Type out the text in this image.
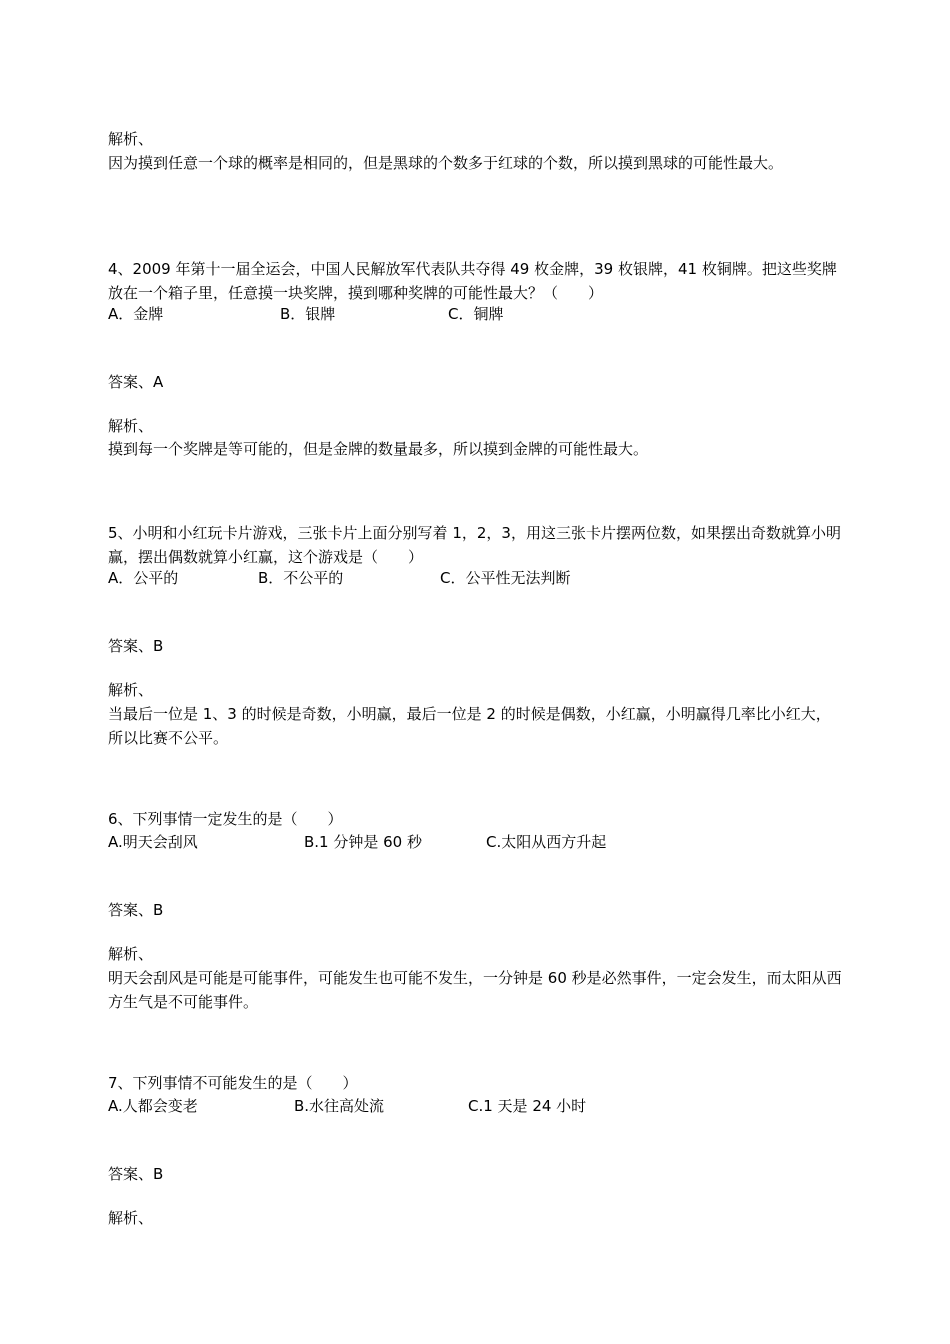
解析、
因为摸到任意一个球的概率是相同的，但是黑球的个数多于红球的个数，所以摸到黑球的可能性最大。
4、2009 年第十一届全运会，中国人民解放军代表队共夺得 49 枚金牌，39 枚银牌，41 枚铜牌。把这些奖牌放在一个箱子里，任意摸一块奖牌，摸到哪种奖牌的可能性最大？（　　）
A．金牌	B．银牌	C．铜牌
答案、A
解析、
摸到每一个奖牌是等可能的，但是金牌的数量最多，所以摸到金牌的可能性最大。
5、小明和小红玩卡片游戏，三张卡片上面分别写着 1，2，3，用这三张卡片摆两位数，如果摆出奇数就算小明赢，摆出偶数就算小红赢，这个游戏是（　　）
A．公平的	B．不公平的	C．公平性无法判断
答案、B
解析、
当最后一位是 1、3 的时候是奇数，小明赢，最后一位是 2 的时候是偶数，小红赢，小明赢得几率比小红大，所以比赛不公平。
6、下列事情一定发生的是（　　）
A.明天会刮风	B.1 分钟是 60 秒	C.太阳从西方升起
答案、B
解析、
明天会刮风是可能是可能事件，可能发生也可能不发生，一分钟是 60 秒是必然事件，一定会发生，而太阳从西方生气是不可能事件。
7、下列事情不可能发生的是（　　）
A.人都会变老	B.水往高处流	C.1 天是 24 小时
答案、B
解析、
